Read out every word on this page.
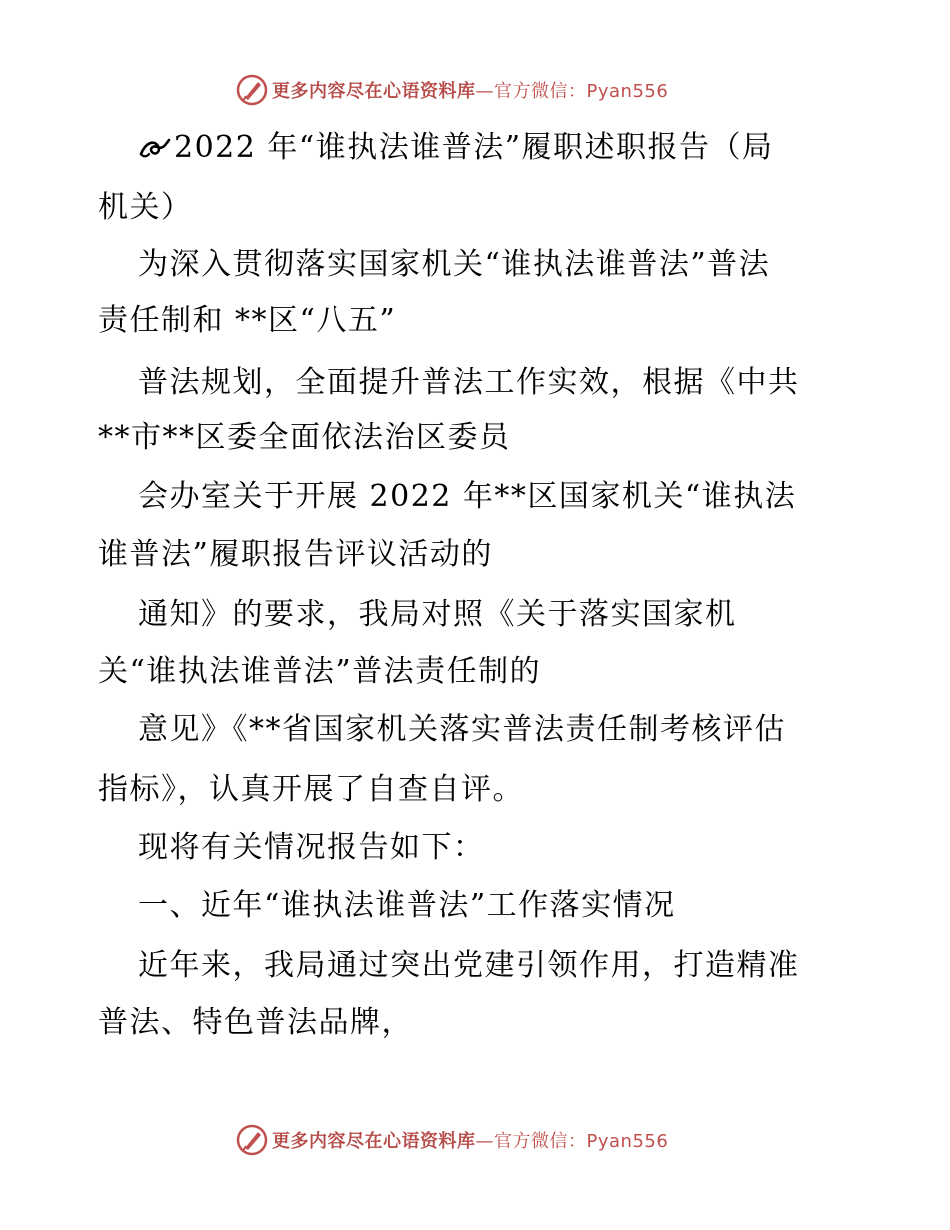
更多内容尽在心语资料库—官方微信：Pyan556
2022 年“谁执法谁普法”履职述职报告（局
机关）
为深入贯彻落实国家机关“谁执法谁普法”普法
责任制和 **区“八五”
普法规划，全面提升普法工作实效，根据《中共
**市**区委全面依法治区委员
会办室关于开展 2022 年**区国家机关“谁执法
谁普法”履职报告评议活动的
通知》的要求，我局对照《关于落实国家机
关“谁执法谁普法”普法责任制的
意见》《**省国家机关落实普法责任制考核评估
指标》，认真开展了自查自评。
现将有关情况报告如下：
一、近年“谁执法谁普法”工作落实情况
近年来，我局通过突出党建引领作用，打造精准
普法、特色普法品牌，
更多内容尽在心语资料库—官方微信：Pyan556
